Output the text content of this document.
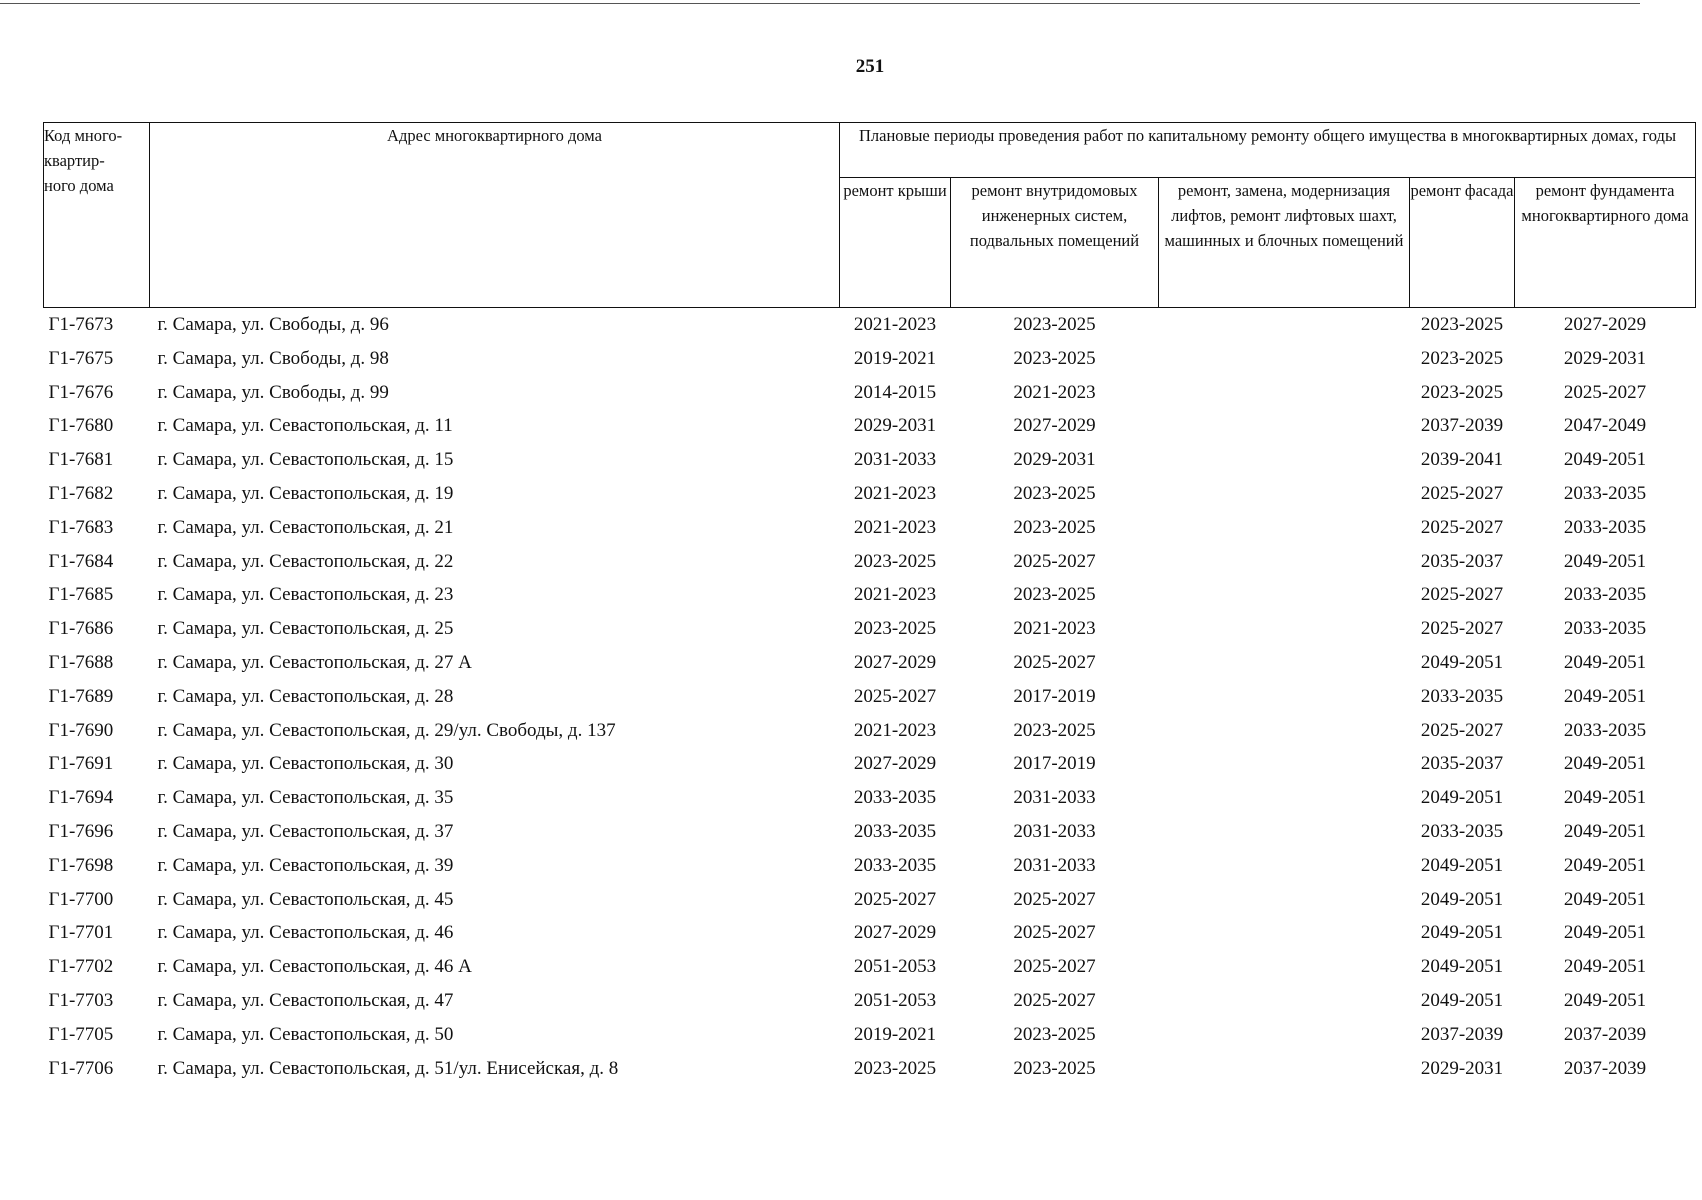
251
Код много-
квартир-
ного дома	Адрес многоквартирного дома	Плановые периоды проведения работ по капитальному ремонту общего имущества в многоквартирных домах, годы				
		ремонт крыши	ремонт внутридомовых инженерных систем, подвальных помещений	ремонт, замена, модернизация лифтов, ремонт лифтовых шахт, машинных и блочных помещений	ремонт фасада	ремонт фундамента многоквартирного дома
Г1-7673	г. Самара, ул. Свободы, д. 96	2021-2023	2023-2025		2023-2025	2027-2029
Г1-7675	г. Самара, ул. Свободы, д. 98	2019-2021	2023-2025		2023-2025	2029-2031
Г1-7676	г. Самара, ул. Свободы, д. 99	2014-2015	2021-2023		2023-2025	2025-2027
Г1-7680	г. Самара, ул. Севастопольская, д. 11	2029-2031	2027-2029		2037-2039	2047-2049
Г1-7681	г. Самара, ул. Севастопольская, д. 15	2031-2033	2029-2031		2039-2041	2049-2051
Г1-7682	г. Самара, ул. Севастопольская, д. 19	2021-2023	2023-2025		2025-2027	2033-2035
Г1-7683	г. Самара, ул. Севастопольская, д. 21	2021-2023	2023-2025		2025-2027	2033-2035
Г1-7684	г. Самара, ул. Севастопольская, д. 22	2023-2025	2025-2027		2035-2037	2049-2051
Г1-7685	г. Самара, ул. Севастопольская, д. 23	2021-2023	2023-2025		2025-2027	2033-2035
Г1-7686	г. Самара, ул. Севастопольская, д. 25	2023-2025	2021-2023		2025-2027	2033-2035
Г1-7688	г. Самара, ул. Севастопольская, д. 27 А	2027-2029	2025-2027		2049-2051	2049-2051
Г1-7689	г. Самара, ул. Севастопольская, д. 28	2025-2027	2017-2019		2033-2035	2049-2051
Г1-7690	г. Самара, ул. Севастопольская, д. 29/ул. Свободы, д. 137	2021-2023	2023-2025		2025-2027	2033-2035
Г1-7691	г. Самара, ул. Севастопольская, д. 30	2027-2029	2017-2019		2035-2037	2049-2051
Г1-7694	г. Самара, ул. Севастопольская, д. 35	2033-2035	2031-2033		2049-2051	2049-2051
Г1-7696	г. Самара, ул. Севастопольская, д. 37	2033-2035	2031-2033		2033-2035	2049-2051
Г1-7698	г. Самара, ул. Севастопольская, д. 39	2033-2035	2031-2033		2049-2051	2049-2051
Г1-7700	г. Самара, ул. Севастопольская, д. 45	2025-2027	2025-2027		2049-2051	2049-2051
Г1-7701	г. Самара, ул. Севастопольская, д. 46	2027-2029	2025-2027		2049-2051	2049-2051
Г1-7702	г. Самара, ул. Севастопольская, д. 46 А	2051-2053	2025-2027		2049-2051	2049-2051
Г1-7703	г. Самара, ул. Севастопольская, д. 47	2051-2053	2025-2027		2049-2051	2049-2051
Г1-7705	г. Самара, ул. Севастопольская, д. 50	2019-2021	2023-2025		2037-2039	2037-2039
Г1-7706	г. Самара, ул. Севастопольская, д. 51/ул. Енисейская, д. 8	2023-2025	2023-2025		2029-2031	2037-2039
